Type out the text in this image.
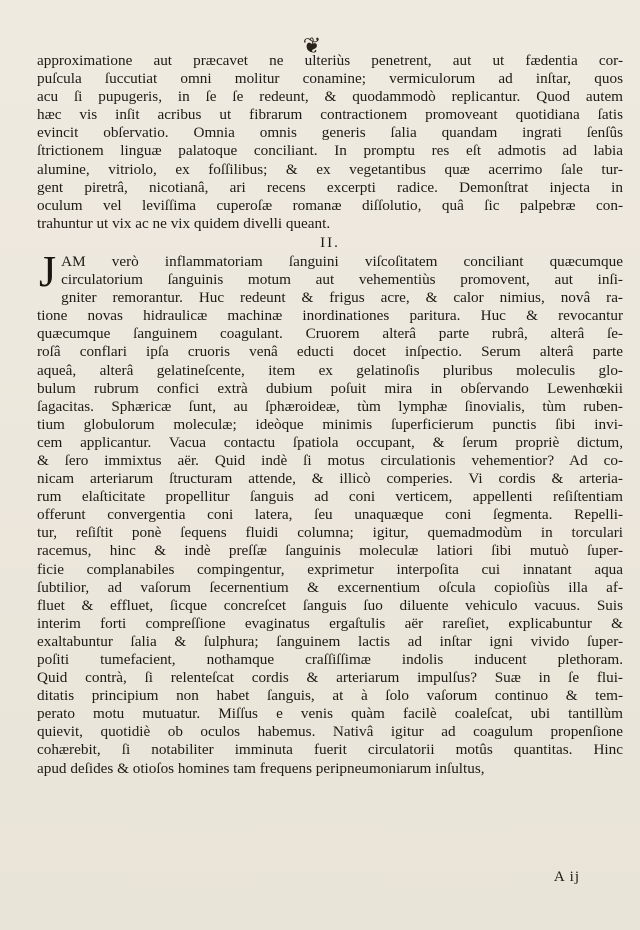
❦
approximatione aut præcavet ne ulteriùs penetrent, aut ut fædentia cor-
puſcula ſuccutiat omni molitur conamine; vermiculorum ad inſtar, quos
acu ſi pupugeris, in ſe ſe redeunt, & quodammodò replicantur. Quod autem
hæc vis inſit acribus ut fibrarum contractionem promoveant quotidiana ſatis
evincit obſervatio. Omnia omnis generis ſalia quandam ingrati ſenſûs
ſtrictionem linguæ palatoque conciliant. In promptu res eſt admotis ad labia
alumine, vitriolo, ex foſſilibus; & ex vegetantibus quæ acerrimo ſale tur-
gent piretrâ, nicotianâ, ari recens excerpti radice. Demonſtrat injecta in
oculum vel leviſſima cuperoſæ romanæ diſſolutio, quâ ſic palpebræ con-
trahuntur ut vix ac ne vix quidem divelli queant.
II.
J AM verò inflammatoriam ſanguini viſcoſitatem conciliant quæcumque
circulatorium ſanguinis motum aut vehementiùs promovent, aut inſi-
gniter remorantur. Huc redeunt & frigus acre, & calor nimius, novâ ra-
tione novas hidraulicæ machinæ inordinationes paritura. Huc & revocantur
quæcumque ſanguinem coagulant. Cruorem alterâ parte rubrâ, alterâ ſe-
roſâ conflari ipſa cruoris venâ educti docet inſpectio. Serum alterâ parte
aqueâ, alterâ gelatineſcente, item ex gelatinoſis pluribus moleculis glo-
bulum rubrum confici extrà dubium poſuit mira in obſervando Lewenhœkii
ſagacitas. Sphæricæ ſunt, au ſphæroideæ, tùm lymphæ ſinovialis, tùm ruben-
tium globulorum moleculæ; ideòque minimis ſuperficierum punctis ſibi invi-
cem applicantur. Vacua contactu ſpatiola occupant, & ſerum propriè dictum,
& ſero immixtus aër. Quid indè ſi motus circulationis vehementior? Ad co-
nicam arteriarum ſtructuram attende, & illicò comperies. Vi cordis & arteria-
rum elaſticitate propellitur ſanguis ad coni verticem, appellenti reſiſtentiam
offerunt convergentia coni latera, ſeu unaquæque coni ſegmenta. Repelli-
tur, reſiſtit ponè ſequens fluidi columna; igitur, quemadmodùm in torculari
racemus, hinc & indè preſſæ ſanguinis moleculæ latiori ſibi mutuò ſuper-
ficie complanabiles compingentur, exprimetur interpoſita cui innatant aqua
ſubtilior, ad vaſorum ſecernentium & excernentium oſcula copioſiùs illa af-
fluet & effluet, ſicque concreſcet ſanguis ſuo diluente vehiculo vacuus. Suis
interim forti compreſſione evaginatus ergaſtulis aër rareſiet, explicabuntur &
exaltabuntur ſalia & ſulphura; ſanguinem lactis ad inſtar igni vivido ſuper-
poſiti tumefacient, nothamque craſſiſſimæ indolis inducent plethoram.
Quid contrà, ſi relenteſcat cordis & arteriarum impulſus? Suæ in ſe flui-
ditatis principium non habet ſanguis, at à ſolo vaſorum continuo & tem-
perato motu mutuatur. Miſſus e venis quàm facilè coaleſcat, ubi tantillùm
quievit, quotidiè ob oculos habemus. Nativâ igitur ad coagulum propenſione
cohærebit, ſi notabiliter imminuta fuerit circulatorii motûs quantitas. Hinc
apud deſides & otioſos homines tam frequens peripneumoniarum inſultus,
A ij
